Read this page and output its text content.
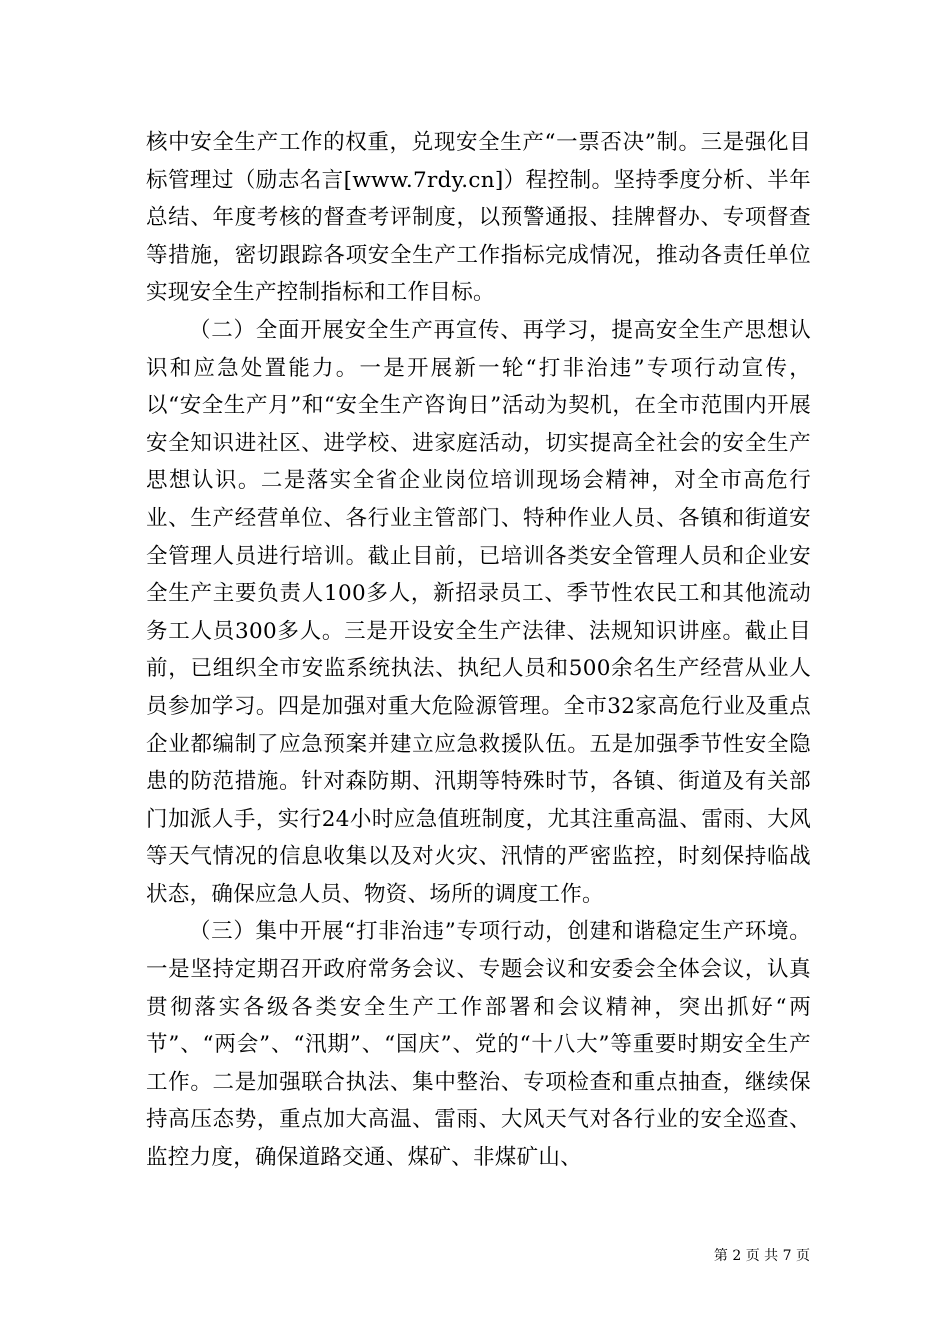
核中安全生产工作的权重，兑现安全生产“一票否决”制。三是强化目标管理过（励志名言[www.7rdy.cn]）程控制。坚持季度分析、半年总结、年度考核的督查考评制度，以预警通报、挂牌督办、专项督查等措施，密切跟踪各项安全生产工作指标完成情况，推动各责任单位实现安全生产控制指标和工作目标。

（二）全面开展安全生产再宣传、再学习，提高安全生产思想认识和应急处置能力。一是开展新一轮“打非治违”专项行动宣传，以“安全生产月”和“安全生产咨询日”活动为契机，在全市范围内开展安全知识进社区、进学校、进家庭活动，切实提高全社会的安全生产思想认识。二是落实全省企业岗位培训现场会精神，对全市高危行业、生产经营单位、各行业主管部门、特种作业人员、各镇和街道安全管理人员进行培训。截止目前，已培训各类安全管理人员和企业安全生产主要负责人100多人，新招录员工、季节性农民工和其他流动务工人员300多人。三是开设安全生产法律、法规知识讲座。截止目前，已组织全市安监系统执法、执纪人员和500余名生产经营从业人员参加学习。四是加强对重大危险源管理。全市32家高危行业及重点企业都编制了应急预案并建立应急救援队伍。五是加强季节性安全隐患的防范措施。针对森防期、汛期等特殊时节，各镇、街道及有关部门加派人手，实行24小时应急值班制度，尤其注重高温、雷雨、大风等天气情况的信息收集以及对火灾、汛情的严密监控，时刻保持临战状态，确保应急人员、物资、场所的调度工作。

（三）集中开展“打非治违”专项行动，创建和谐稳定生产环境。一是坚持定期召开政府常务会议、专题会议和安委会全体会议，认真贯彻落实各级各类安全生产工作部署和会议精神，突出抓好“两节”、“两会”、“汛期”、“国庆”、党的“十八大”等重要时期安全生产工作。二是加强联合执法、集中整治、专项检查和重点抽查，继续保持高压态势，重点加大高温、雷雨、大风天气对各行业的安全巡查、监控力度，确保道路交通、煤矿、非煤矿山、

第 2 页 共 7 页
